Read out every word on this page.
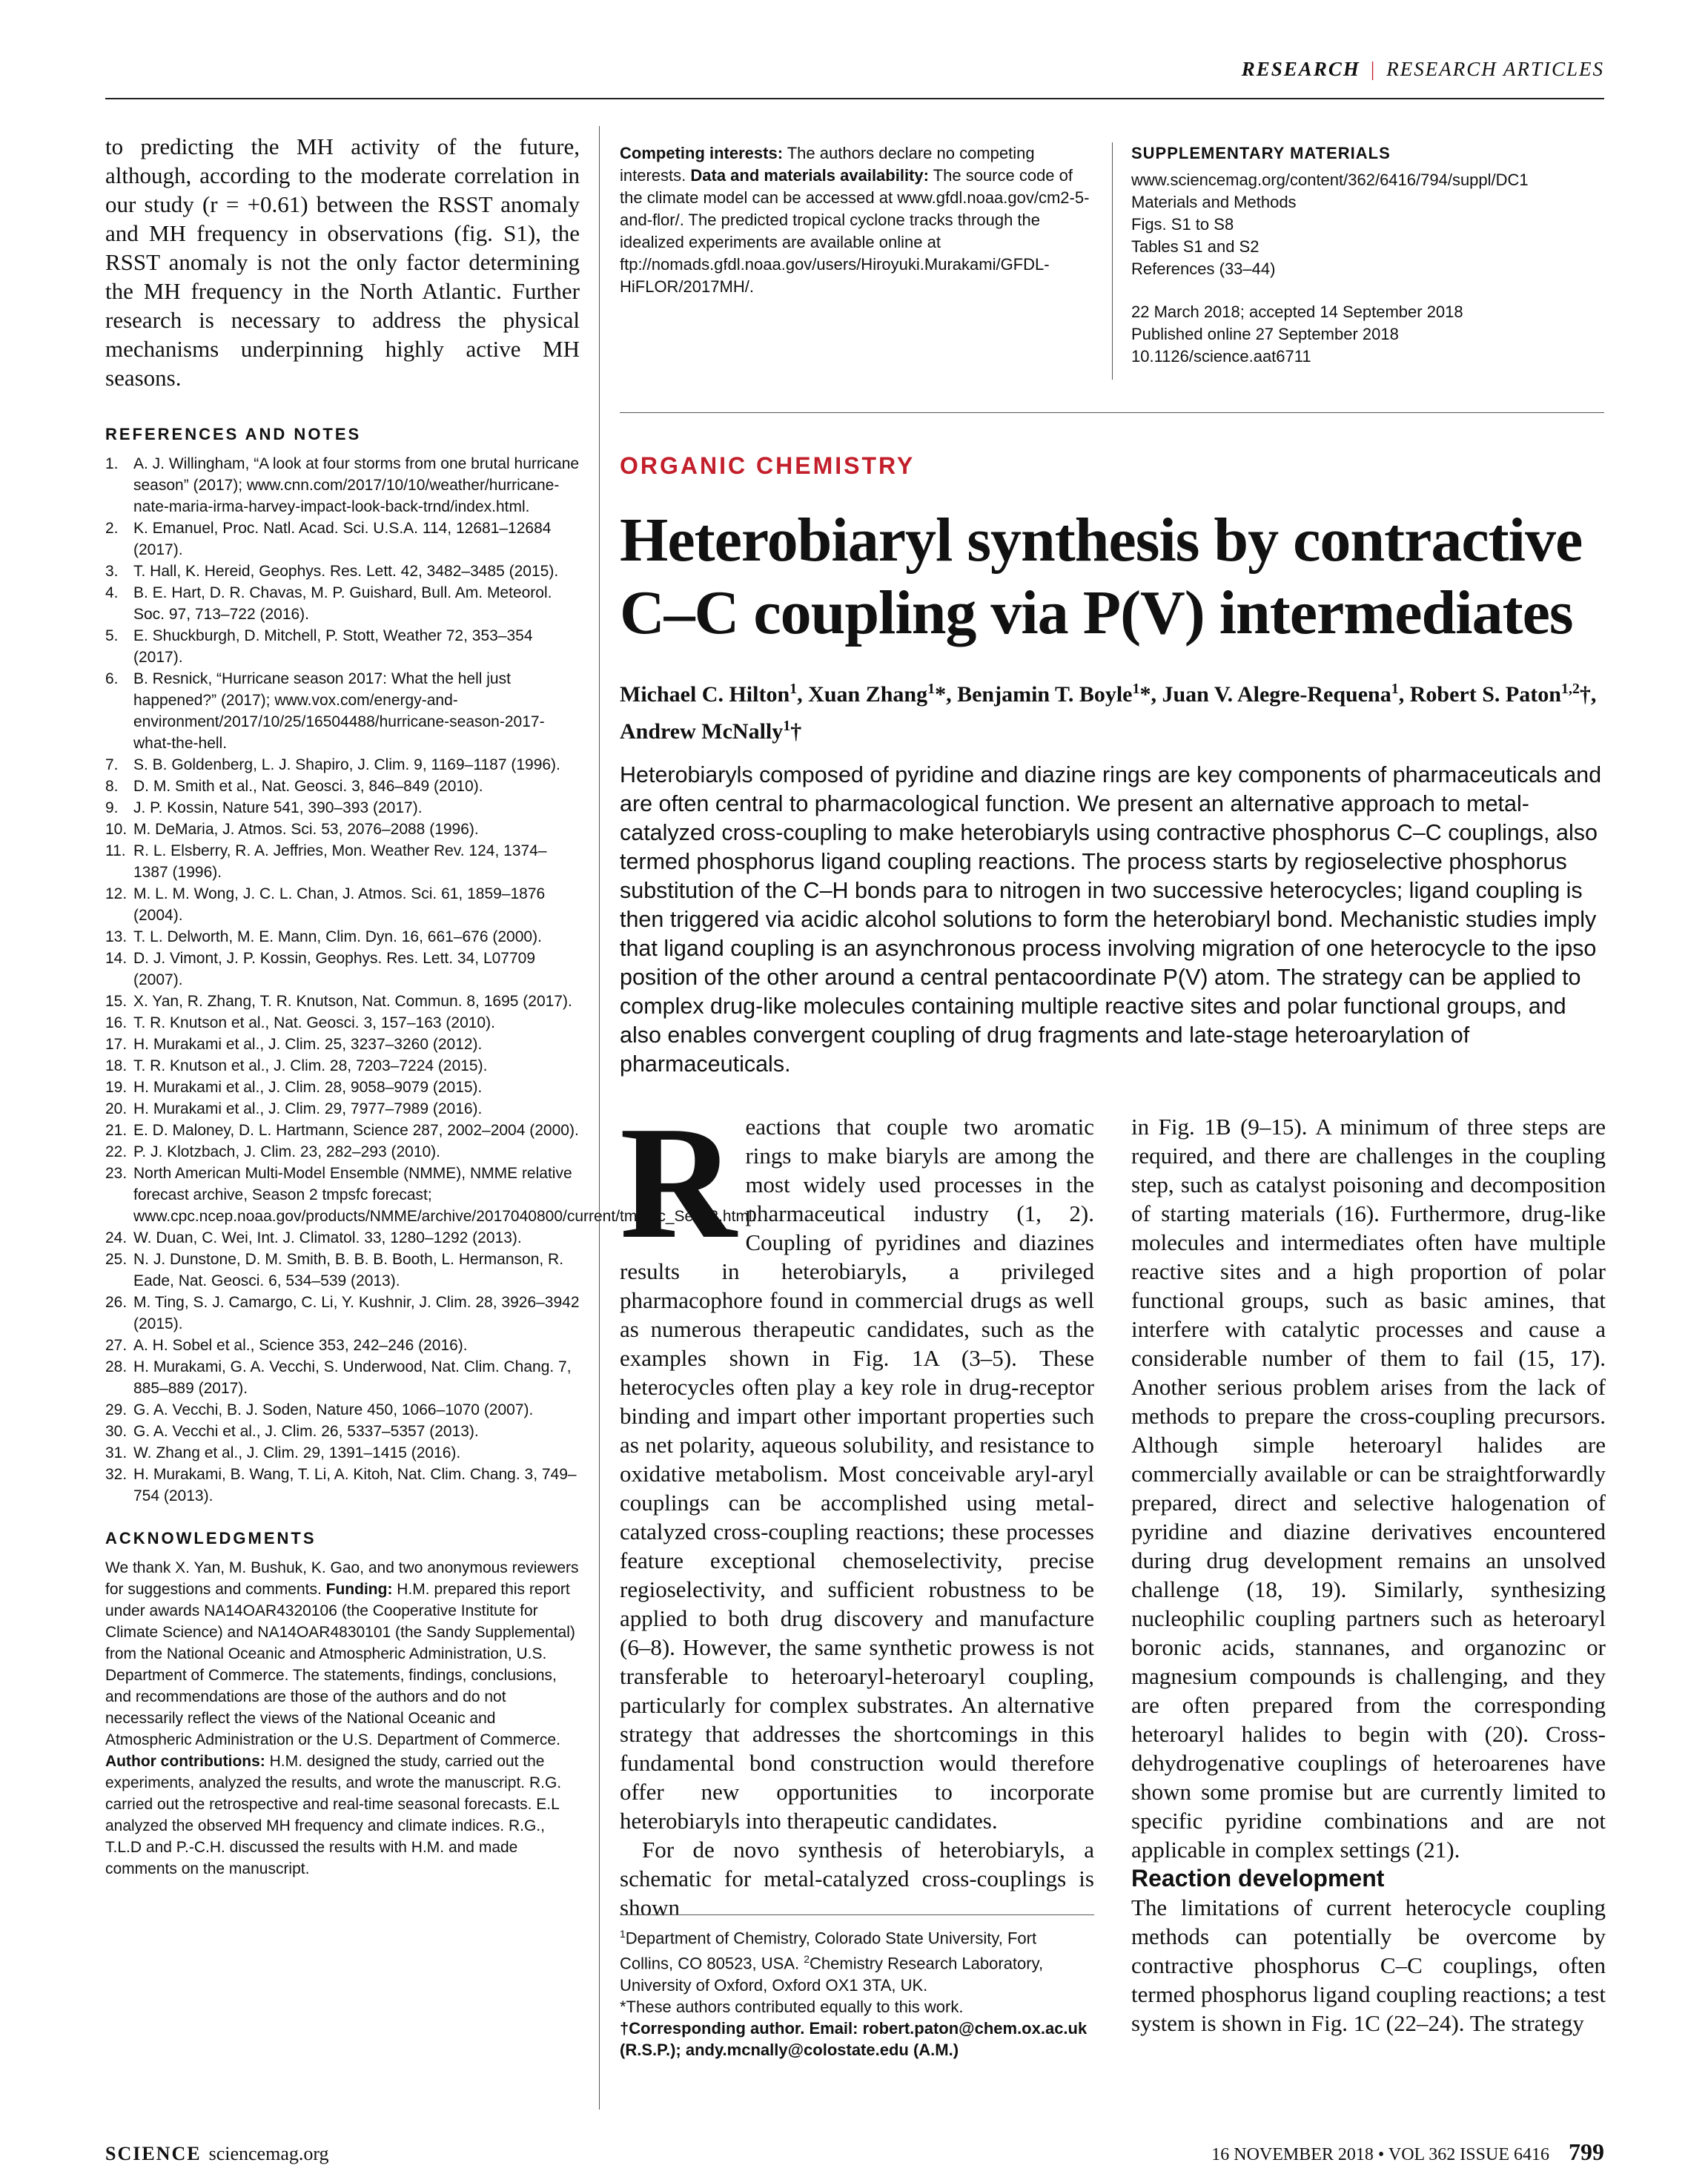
RESEARCH | RESEARCH ARTICLES

to predicting the MH activity of the future, although, according to the moderate correlation in our study (r = +0.61) between the RSST anomaly and MH frequency in observations (fig. S1), the RSST anomaly is not the only factor determining the MH frequency in the North Atlantic. Further research is necessary to address the physical mechanisms underpinning highly active MH seasons.

REFERENCES AND NOTES

1. A. J. Willingham, “A look at four storms from one brutal hurricane season” (2017); www.cnn.com/2017/10/10/weather/hurricane-nate-maria-irma-harvey-impact-look-back-trnd/index.html.
2. K. Emanuel, Proc. Natl. Acad. Sci. U.S.A. 114, 12681–12684 (2017).
3. T. Hall, K. Hereid, Geophys. Res. Lett. 42, 3482–3485 (2015).
4. B. E. Hart, D. R. Chavas, M. P. Guishard, Bull. Am. Meteorol. Soc. 97, 713–722 (2016).
5. E. Shuckburgh, D. Mitchell, P. Stott, Weather 72, 353–354 (2017).
6. B. Resnick, “Hurricane season 2017: What the hell just happened?” (2017); www.vox.com/energy-and-environment/2017/10/25/16504488/hurricane-season-2017-what-the-hell.
7. S. B. Goldenberg, L. J. Shapiro, J. Clim. 9, 1169–1187 (1996).
8. D. M. Smith et al., Nat. Geosci. 3, 846–849 (2010).
9. J. P. Kossin, Nature 541, 390–393 (2017).
10. M. DeMaria, J. Atmos. Sci. 53, 2076–2088 (1996).
11. R. L. Elsberry, R. A. Jeffries, Mon. Weather Rev. 124, 1374–1387 (1996).
12. M. L. M. Wong, J. C. L. Chan, J. Atmos. Sci. 61, 1859–1876 (2004).
13. T. L. Delworth, M. E. Mann, Clim. Dyn. 16, 661–676 (2000).
14. D. J. Vimont, J. P. Kossin, Geophys. Res. Lett. 34, L07709 (2007).
15. X. Yan, R. Zhang, T. R. Knutson, Nat. Commun. 8, 1695 (2017).
16. T. R. Knutson et al., Nat. Geosci. 3, 157–163 (2010).
17. H. Murakami et al., J. Clim. 25, 3237–3260 (2012).
18. T. R. Knutson et al., J. Clim. 28, 7203–7224 (2015).
19. H. Murakami et al., J. Clim. 28, 9058–9079 (2015).
20. H. Murakami et al., J. Clim. 29, 7977–7989 (2016).
21. E. D. Maloney, D. L. Hartmann, Science 287, 2002–2004 (2000).
22. P. J. Klotzbach, J. Clim. 23, 282–293 (2010).
23. North American Multi-Model Ensemble (NMME), NMME relative forecast archive, Season 2 tmpsfc forecast; www.cpc.ncep.noaa.gov/products/NMME/archive/2017040800/current/tmpsfc_Seas2.html.
24. W. Duan, C. Wei, Int. J. Climatol. 33, 1280–1292 (2013).
25. N. J. Dunstone, D. M. Smith, B. B. B. Booth, L. Hermanson, R. Eade, Nat. Geosci. 6, 534–539 (2013).
26. M. Ting, S. J. Camargo, C. Li, Y. Kushnir, J. Clim. 28, 3926–3942 (2015).
27. A. H. Sobel et al., Science 353, 242–246 (2016).
28. H. Murakami, G. A. Vecchi, S. Underwood, Nat. Clim. Chang. 7, 885–889 (2017).
29. G. A. Vecchi, B. J. Soden, Nature 450, 1066–1070 (2007).
30. G. A. Vecchi et al., J. Clim. 26, 5337–5357 (2013).
31. W. Zhang et al., J. Clim. 29, 1391–1415 (2016).
32. H. Murakami, B. Wang, T. Li, A. Kitoh, Nat. Clim. Chang. 3, 749–754 (2013).

ACKNOWLEDGMENTS

We thank X. Yan, M. Bushuk, K. Gao, and two anonymous reviewers for suggestions and comments. Funding: H.M. prepared this report under awards NA14OAR4320106 (the Cooperative Institute for Climate Science) and NA14OAR4830101 (the Sandy Supplemental) from the National Oceanic and Atmospheric Administration, U.S. Department of Commerce. The statements, findings, conclusions, and recommendations are those of the authors and do not necessarily reflect the views of the National Oceanic and Atmospheric Administration or the U.S. Department of Commerce. Author contributions: H.M. designed the study, carried out the experiments, analyzed the results, and wrote the manuscript. R.G. carried out the retrospective and real-time seasonal forecasts. E.L analyzed the observed MH frequency and climate indices. R.G., T.L.D and P.-C.H. discussed the results with H.M. and made comments on the manuscript.

Competing interests: The authors declare no competing interests. Data and materials availability: The source code of the climate model can be accessed at www.gfdl.noaa.gov/cm2-5-and-flor/. The predicted tropical cyclone tracks through the idealized experiments are available online at ftp://nomads.gfdl.noaa.gov/users/Hiroyuki.Murakami/GFDL-HiFLOR/2017MH/.

SUPPLEMENTARY MATERIALS

www.sciencemag.org/content/362/6416/794/suppl/DC1

Materials and Methods

Figs. S1 to S8

Tables S1 and S2

References (33–44)

22 March 2018; accepted 14 September 2018

Published online 27 September 2018

10.1126/science.aat6711

ORGANIC CHEMISTRY
Heterobiaryl synthesis by contractive
C–C coupling via P(V) intermediates

Michael C. Hilton$^1$, Xuan Zhang$^1$*, Benjamin T. Boyle$^1$*, Juan V. Alegre-Requena$^1$, Robert S. Paton$^{1,2}$†, Andrew McNally$^1$†

Heterobiaryls composed of pyridine and diazine rings are key components of pharmaceuticals and are often central to pharmacological function. We present an alternative approach to metal-catalyzed cross-coupling to make heterobiaryls using contractive phosphorus C–C couplings, also termed phosphorus ligand coupling reactions. The process starts by regioselective phosphorus substitution of the C–H bonds para to nitrogen in two successive heterocycles; ligand coupling is then triggered via acidic alcohol solutions to form the heterobiaryl bond. Mechanistic studies imply that ligand coupling is an asynchronous process involving migration of one heterocycle to the ipso position of the other around a central pentacoordinate P(V) atom. The strategy can be applied to complex drug-like molecules containing multiple reactive sites and polar functional groups, and also enables convergent coupling of drug fragments and late-stage heteroarylation of pharmaceuticals.

Reactions that couple two aromatic rings to make biaryls are among the most widely used processes in the pharmaceutical industry (1, 2). Coupling of pyridines and diazines results in heterobiaryls, a privileged pharmacophore found in commercial drugs as well as numerous therapeutic candidates, such as the examples shown in Fig. 1A (3–5). These heterocycles often play a key role in drug-receptor binding and impart other important properties such as net polarity, aqueous solubility, and resistance to oxidative metabolism. Most conceivable aryl-aryl couplings can be accomplished using metal-catalyzed cross-coupling reactions; these processes feature exceptional chemoselectivity, precise regioselectivity, and sufficient robustness to be applied to both drug discovery and manufacture (6–8). However, the same synthetic prowess is not transferable to heteroaryl-heteroaryl coupling, particularly for complex substrates. An alternative strategy that addresses the shortcomings in this fundamental bond construction would therefore offer new opportunities to incorporate heterobiaryls into therapeutic candidates.

For de novo synthesis of heterobiaryls, a schematic for metal-catalyzed cross-couplings is shown

$^1$Department of Chemistry, Colorado State University, Fort Collins, CO 80523, USA. $^2$Chemistry Research Laboratory, University of Oxford, Oxford OX1 3TA, UK.
*These authors contributed equally to this work.
†Corresponding author. Email: robert.paton@chem.ox.ac.uk (R.S.P.); andy.mcnally@colostate.edu (A.M.)

in Fig. 1B (9–15). A minimum of three steps are required, and there are challenges in the coupling step, such as catalyst poisoning and decomposition of starting materials (16). Furthermore, drug-like molecules and intermediates often have multiple reactive sites and a high proportion of polar functional groups, such as basic amines, that interfere with catalytic processes and cause a considerable number of them to fail (15, 17). Another serious problem arises from the lack of methods to prepare the cross-coupling precursors. Although simple heteroaryl halides are commercially available or can be straightforwardly prepared, direct and selective halogenation of pyridine and diazine derivatives encountered during drug development remains an unsolved challenge (18, 19). Similarly, synthesizing nucleophilic coupling partners such as heteroaryl boronic acids, stannanes, and organozinc or magnesium compounds is challenging, and they are often prepared from the corresponding heteroaryl halides to begin with (20). Cross-dehydrogenative couplings of heteroarenes have shown some promise but are currently limited to specific pyridine combinations and are not applicable in complex settings (21).

Reaction development

The limitations of current heterocycle coupling methods can potentially be overcome by contractive phosphorus C–C couplings, often termed phosphorus ligand coupling reactions; a test system is shown in Fig. 1C (22–24). The strategy

SCIENCE sciencemag.org	16 NOVEMBER 2018 • VOL 362 ISSUE 6416 799
